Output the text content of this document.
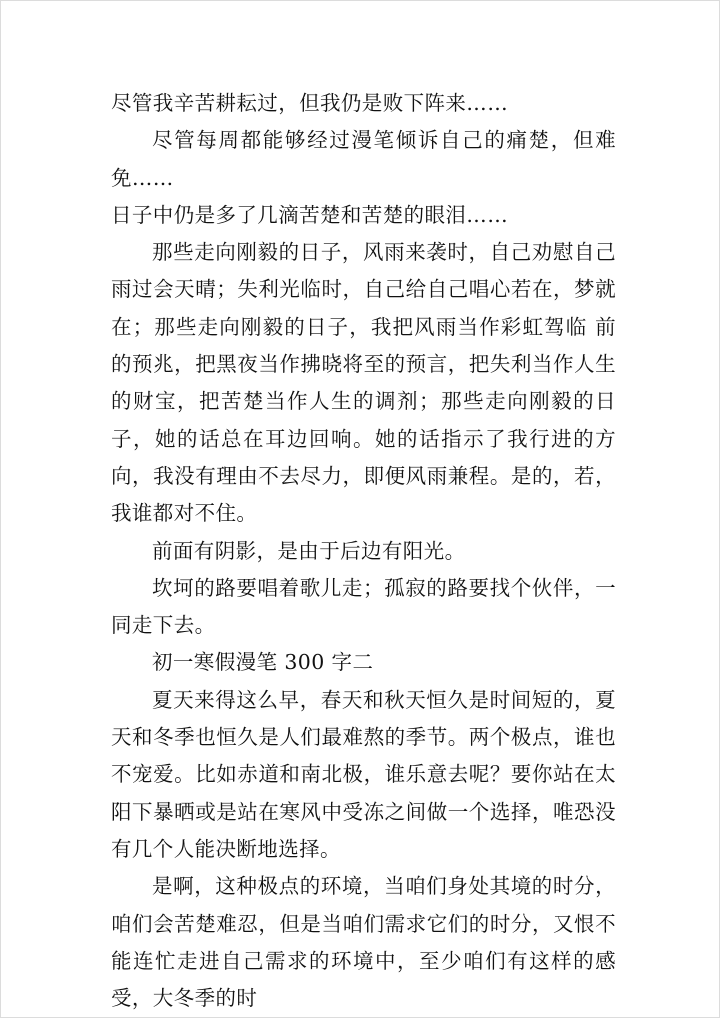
尽管我辛苦耕耘过，但我仍是败下阵来……

尽管每周都能够经过漫笔倾诉自己的痛楚，但难免……

日子中仍是多了几滴苦楚和苦楚的眼泪……

那些走向刚毅的日子，风雨来袭时，自己劝慰自己雨过会天晴；失利光临时，自己给自己唱心若在，梦就在；那些走向刚毅的日子，我把风雨当作彩虹驾临 前的预兆，把黑夜当作拂晓将至的预言，把失利当作人生的财宝，把苦楚当作人生的调剂；那些走向刚毅的日子，她的话总在耳边回响。她的话指示了我行进的方向，我没有理由不去尽力，即便风雨兼程。是的，若，我谁都对不住。

前面有阴影，是由于后边有阳光。

坎坷的路要唱着歌儿走；孤寂的路要找个伙伴，一同走下去。

初一寒假漫笔 300 字二

夏天来得这么早，春天和秋天恒久是时间短的，夏天和冬季也恒久是人们最难熬的季节。两个极点，谁也不宠爱。比如赤道和南北极，谁乐意去呢？要你站在太阳下暴晒或是站在寒风中受冻之间做一个选择，唯恐没有几个人能决断地选择。

是啊，这种极点的环境，当咱们身处其境的时分，咱们会苦楚难忍，但是当咱们需求它们的时分，又恨不能连忙走进自己需求的环境中，至少咱们有这样的感受，大冬季的时
